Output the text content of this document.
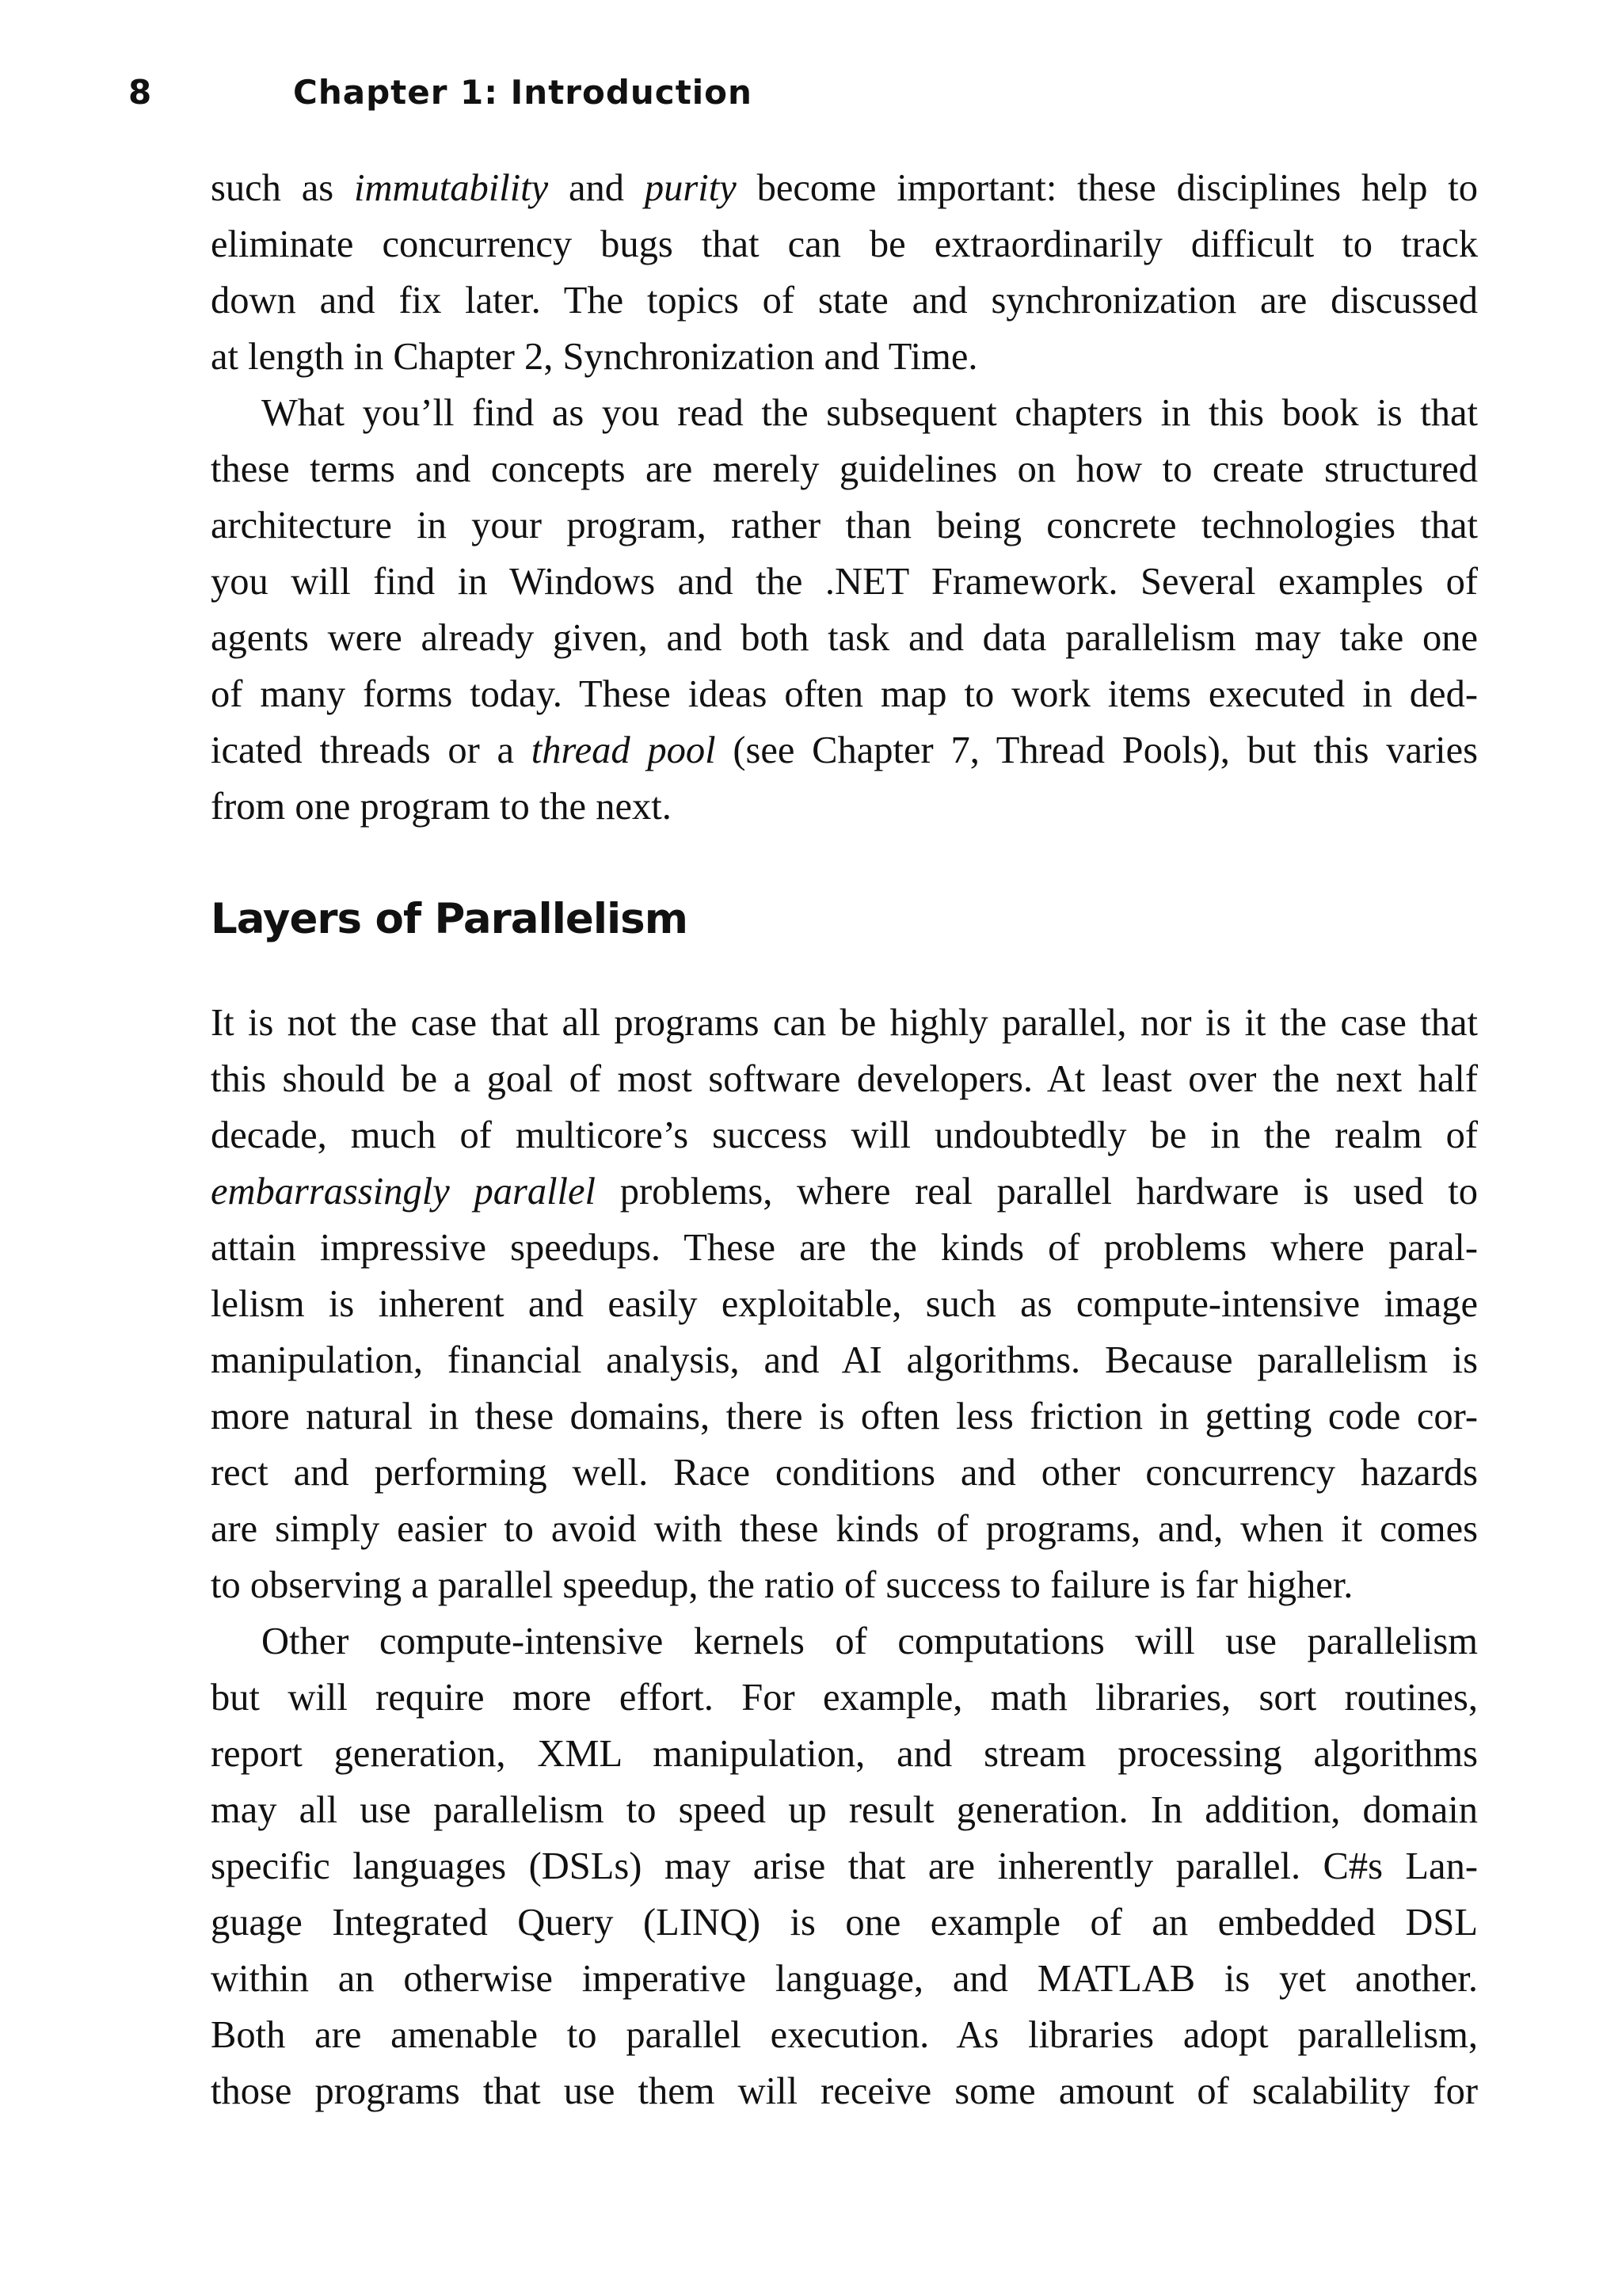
8	Chapter 1: Introduction

such as immutability and purity become important: these disciplines help to

eliminate concurrency bugs that can be extraordinarily difficult to track

down and fix later. The topics of state and synchronization are discussed

at length in Chapter 2, Synchronization and Time.

What you’ll find as you read the subsequent chapters in this book is that

these terms and concepts are merely guidelines on how to create structured

architecture in your program, rather than being concrete technologies that

you will find in Windows and the .NET Framework. Several examples of

agents were already given, and both task and data parallelism may take one

of many forms today. These ideas often map to work items executed in ded-

icated threads or a thread pool (see Chapter 7, Thread Pools), but this varies

from one program to the next.

Layers of Parallelism

It is not the case that all programs can be highly parallel, nor is it the case that

this should be a goal of most software developers. At least over the next half

decade, much of multicore’s success will undoubtedly be in the realm of

embarrassingly parallel problems, where real parallel hardware is used to

attain impressive speedups. These are the kinds of problems where paral-

lelism is inherent and easily exploitable, such as compute-intensive image

manipulation, financial analysis, and AI algorithms. Because parallelism is

more natural in these domains, there is often less friction in getting code cor-

rect and performing well. Race conditions and other concurrency hazards

are simply easier to avoid with these kinds of programs, and, when it comes

to observing a parallel speedup, the ratio of success to failure is far higher.

Other compute-intensive kernels of computations will use parallelism

but will require more effort. For example, math libraries, sort routines,

report generation, XML manipulation, and stream processing algorithms

may all use parallelism to speed up result generation. In addition, domain

specific languages (DSLs) may arise that are inherently parallel. C#s Lan-

guage Integrated Query (LINQ) is one example of an embedded DSL

within an otherwise imperative language, and MATLAB is yet another.

Both are amenable to parallel execution. As libraries adopt parallelism,

those programs that use them will receive some amount of scalability for
